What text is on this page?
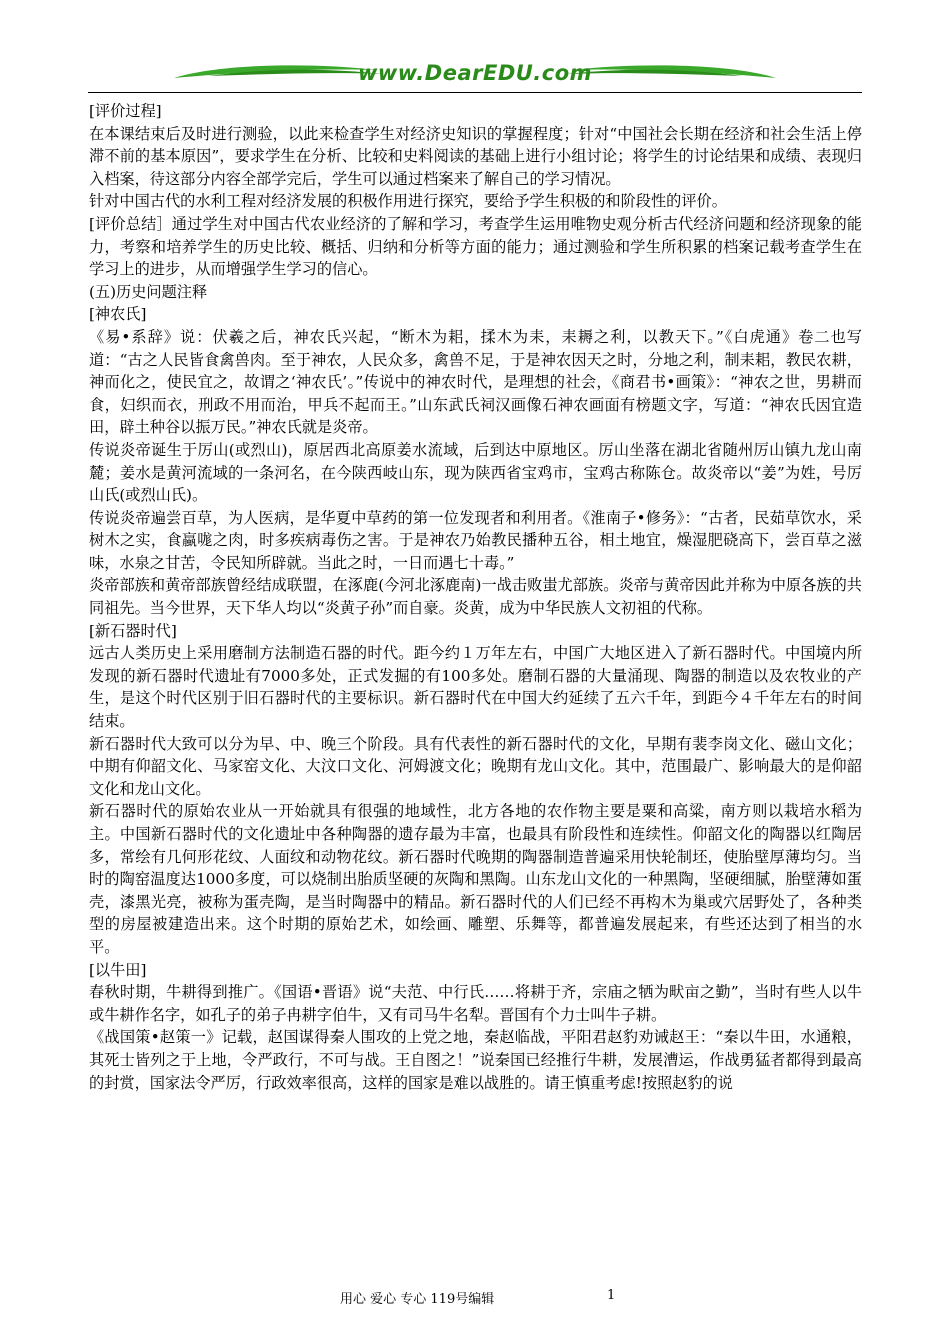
www.DearEDU.com

[评价过程]

在本课结束后及时进行测验，以此来检查学生对经济史知识的掌握程度；针对“中国社会长期在经济和社会生活上停滞不前的基本原因”，要求学生在分析、比较和史料阅读的基础上进行小组讨论；将学生的讨论结果和成绩、表现归入档案，待这部分内容全部学完后，学生可以通过档案来了解自己的学习情况。

针对中国古代的水利工程对经济发展的积极作用进行探究，要给予学生积极的和阶段性的评价。

[评价总结］通过学生对中国古代农业经济的了解和学习，考查学生运用唯物史观分析古代经济问题和经济现象的能力，考察和培养学生的历史比较、概括、归纳和分析等方面的能力；通过测验和学生所积累的档案记载考查学生在学习上的进步，从而增强学生学习的信心。

(五)历史问题注释

[神农氏]

《易•系辞》说：伏羲之后，神农氏兴起，“断木为耜，揉木为耒，耒耨之利，以教天下。”《白虎通》卷二也写道：“古之人民皆食禽兽肉。至于神农，人民众多，禽兽不足，于是神农因天之时，分地之利，制耒耜，教民农耕，神而化之，使民宜之，故谓之‘神农氏’。”传说中的神农时代，是理想的社会，《商君书•画策》：“神农之世，男耕而食，妇织而衣，刑政不用而治，甲兵不起而王。”山东武氏祠汉画像石神农画面有榜题文字，写道：“神农氏因宜造田，辟土种谷以振万民。”神农氏就是炎帝。

传说炎帝诞生于厉山(或烈山)，原居西北高原姜水流域，后到达中原地区。厉山坐落在湖北省随州厉山镇九龙山南麓；姜水是黄河流域的一条河名，在今陕西岐山东，现为陕西省宝鸡市，宝鸡古称陈仓。故炎帝以“姜”为姓，号厉山氏(或烈山氏)。

传说炎帝遍尝百草，为人医病，是华夏中草药的第一位发现者和利用者。《淮南子•修务》：“古者，民茹草饮水，采树木之实，食蠃哤之肉，时多疾病毒伤之害。于是神农乃始教民播种五谷，相土地宜，燥湿肥硗高下，尝百草之滋味，水泉之甘苦，令民知所辟就。当此之时，一日而遇七十毒。”

炎帝部族和黄帝部族曾经结成联盟，在涿鹿(今河北涿鹿南)一战击败蚩尤部族。炎帝与黄帝因此并称为中原各族的共同祖先。当今世界，天下华人均以“炎黄子孙”而自豪。炎黄，成为中华民族人文初祖的代称。

[新石器时代]

远古人类历史上采用磨制方法制造石器的时代。距今约１万年左右，中国广大地区进入了新石器时代。中国境内所发现的新石器时代遗址有7000多处，正式发掘的有100多处。磨制石器的大量涌现、陶器的制造以及农牧业的产生，是这个时代区别于旧石器时代的主要标识。新石器时代在中国大约延续了五六千年，到距今４千年左右的时间结束。

新石器时代大致可以分为早、中、晚三个阶段。具有代表性的新石器时代的文化，早期有裴李岗文化、磁山文化；中期有仰韶文化、马家窑文化、大汶口文化、河姆渡文化；晚期有龙山文化。其中，范围最广、影响最大的是仰韶文化和龙山文化。

新石器时代的原始农业从一开始就具有很强的地域性，北方各地的农作物主要是粟和高粱，南方则以栽培水稻为主。中国新石器时代的文化遗址中各种陶器的遗存最为丰富，也最具有阶段性和连续性。仰韶文化的陶器以红陶居多，常绘有几何形花纹、人面纹和动物花纹。新石器时代晚期的陶器制造普遍采用快轮制坯，使胎壁厚薄均匀。当时的陶窑温度达1000多度，可以烧制出胎质坚硬的灰陶和黑陶。山东龙山文化的一种黑陶，坚硬细腻，胎壁薄如蛋壳，漆黑光亮，被称为蛋壳陶，是当时陶器中的精品。新石器时代的人们已经不再构木为巢或穴居野处了，各种类型的房屋被建造出来。这个时期的原始艺术，如绘画、雕塑、乐舞等，都普遍发展起来，有些还达到了相当的水平。

[以牛田]

春秋时期，牛耕得到推广。《国语•晋语》说“夫范、中行氏……将耕于齐，宗庙之牺为畎亩之勤”，当时有些人以牛或牛耕作名字，如孔子的弟子冉耕字伯牛，又有司马牛名犁。晋国有个力士叫牛子耕。

《战国策•赵策一》记载，赵国谋得秦人围攻的上党之地，秦赵临战，平阳君赵豹劝诫赵王：“秦以牛田，水通粮，其死士皆列之于上地，令严政行，不可与战。王自图之！”说秦国已经推行牛耕，发展漕运，作战勇猛者都得到最高的封赏，国家法令严厉，行政效率很高，这样的国家是难以战胜的。请王慎重考虑!按照赵豹的说

用心 爱心 专心 119号编辑	1
